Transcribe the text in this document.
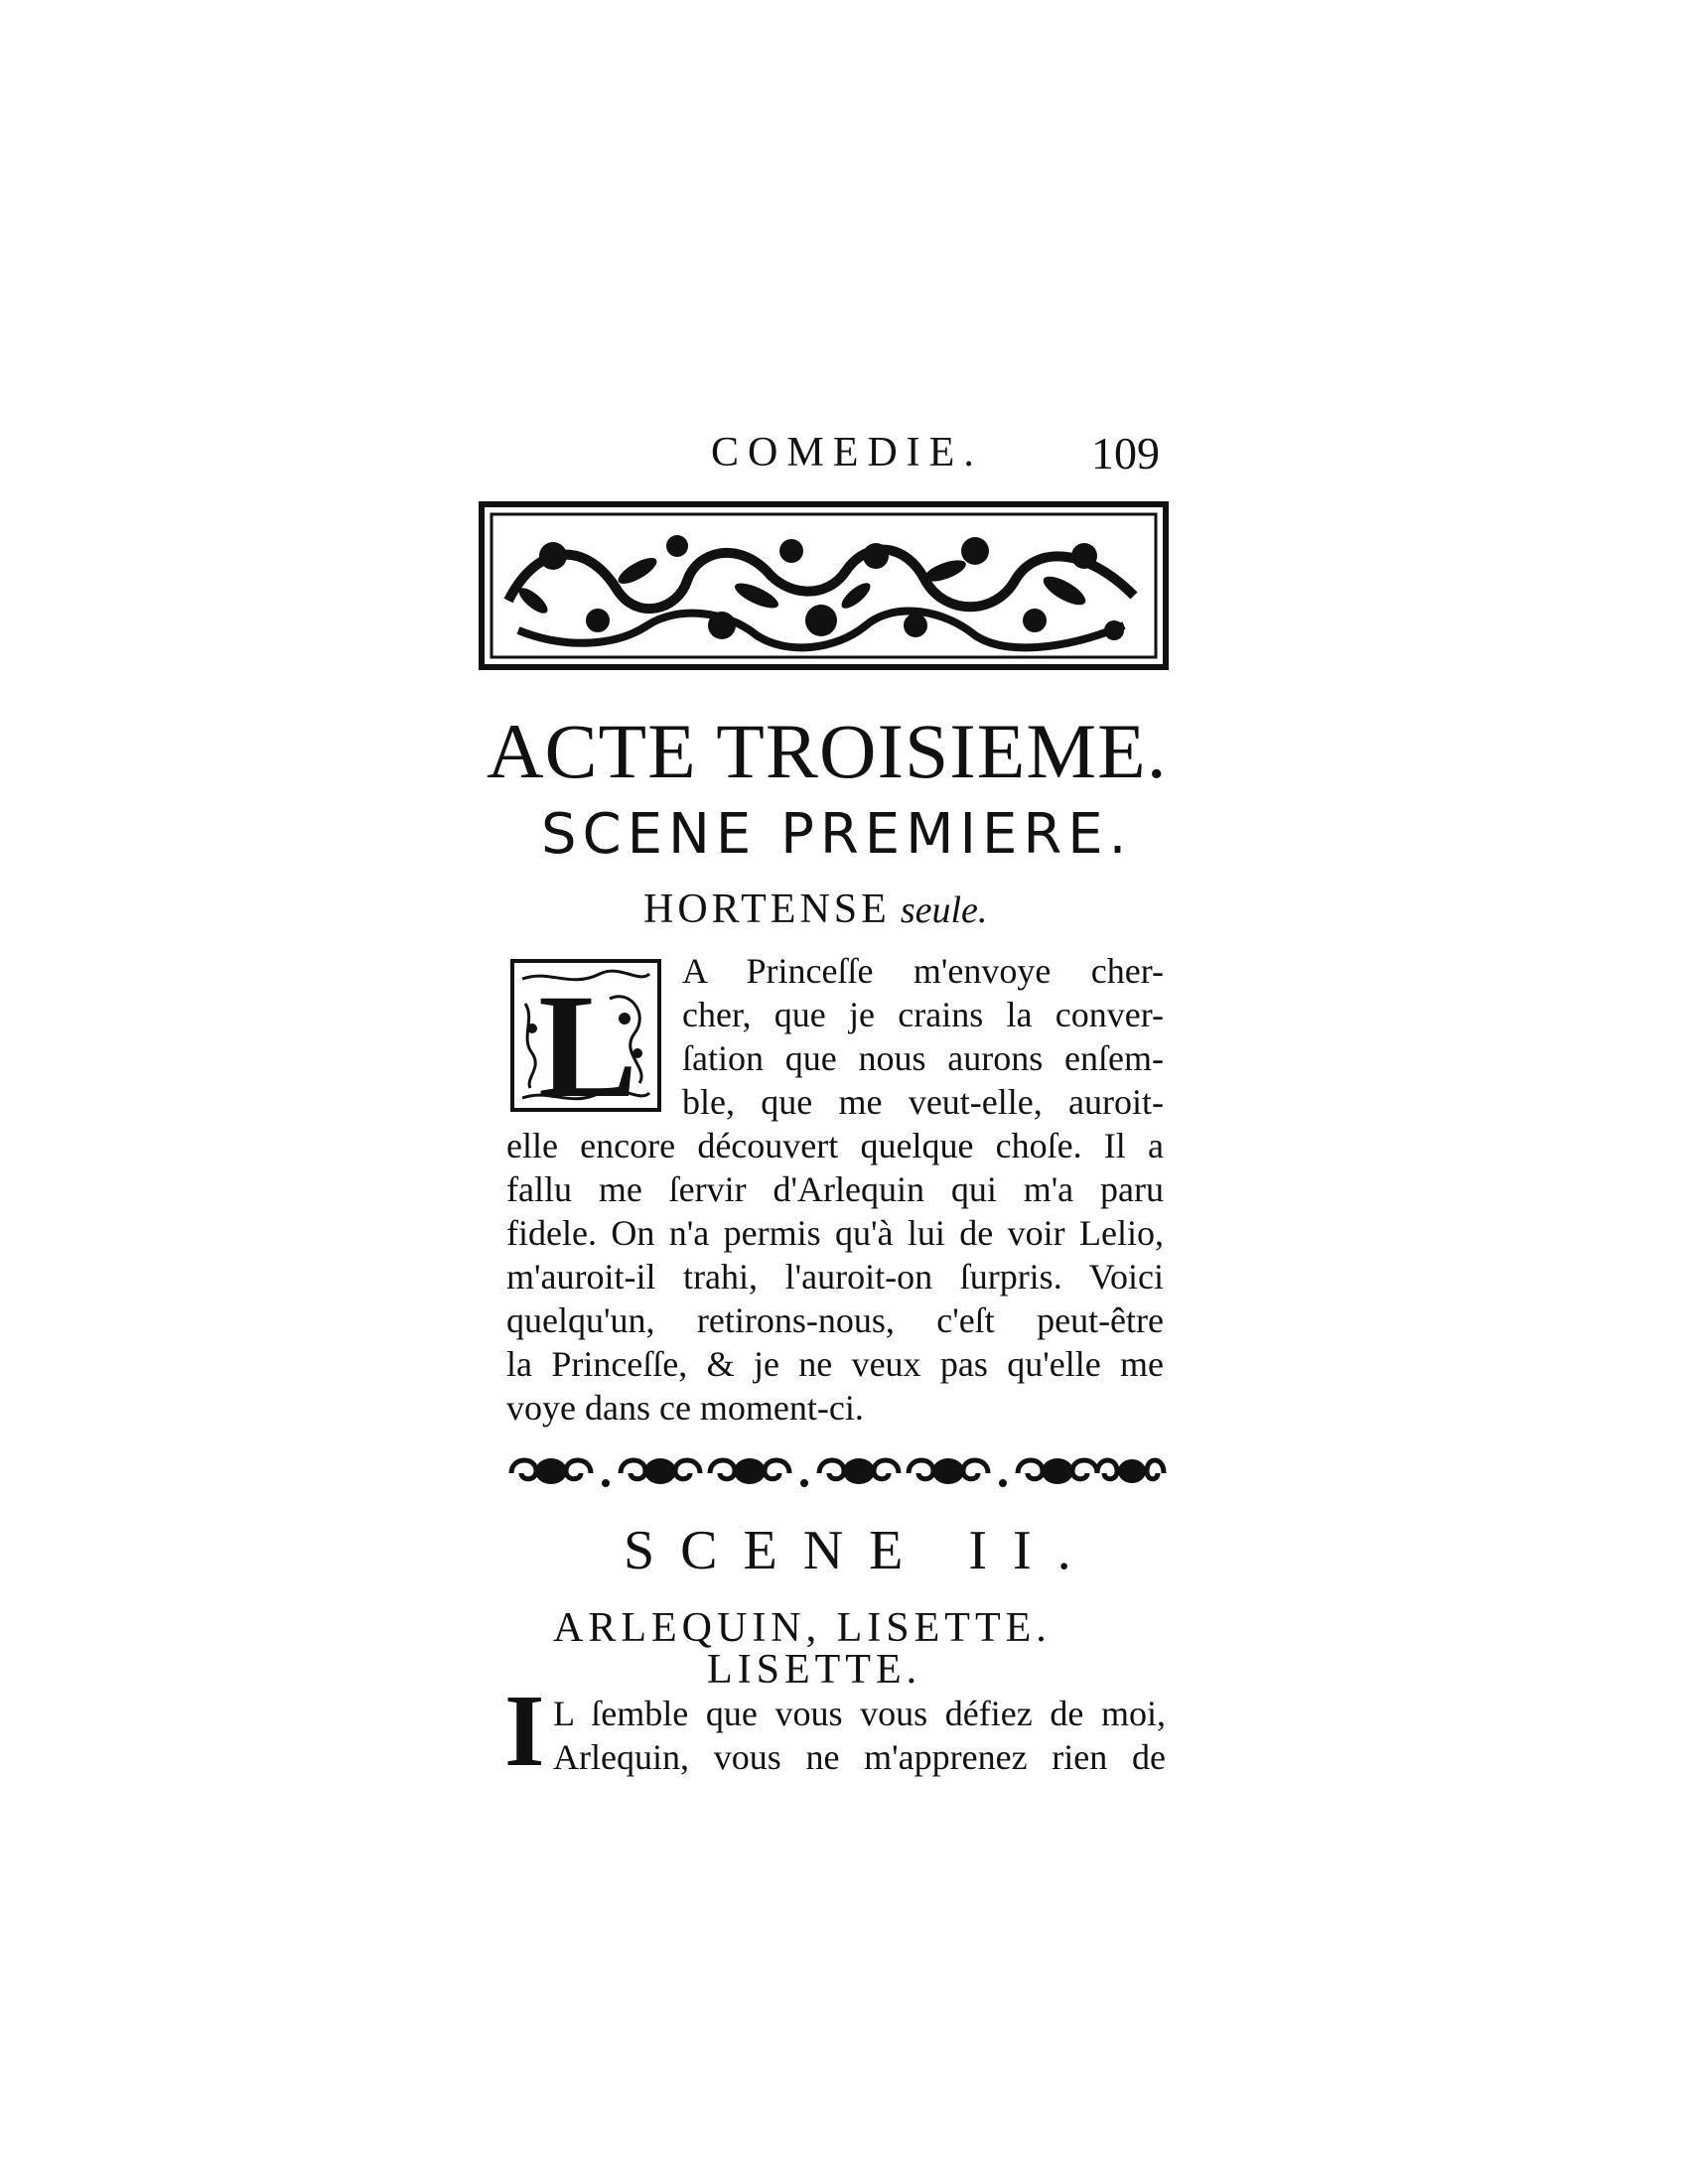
COMEDIE. 109
ACTE TROISIEME.
SCENE PREMIERE.
HORTENSE seule.
L A Princeſſe m'envoye cher-
cher, que je crains la conver-
ſation que nous aurons enſem-
ble, que me veut-elle, auroit-
elle encore découvert quelque choſe. Il a
fallu me ſervir d'Arlequin qui m'a paru
fidele. On n'a permis qu'à lui de voir Lelio,
m'auroit-il trahi, l'auroit-on ſurpris. Voici
quelqu'un, retirons-nous, c'eſt peut-être
la Princeſſe, & je ne veux pas qu'elle me
voye dans ce moment-ci.
SCENE II.
ARLEQUIN, LISETTE.
LISETTE.
I L ſemble que vous vous défiez de moi,
Arlequin, vous ne m'apprenez rien de
